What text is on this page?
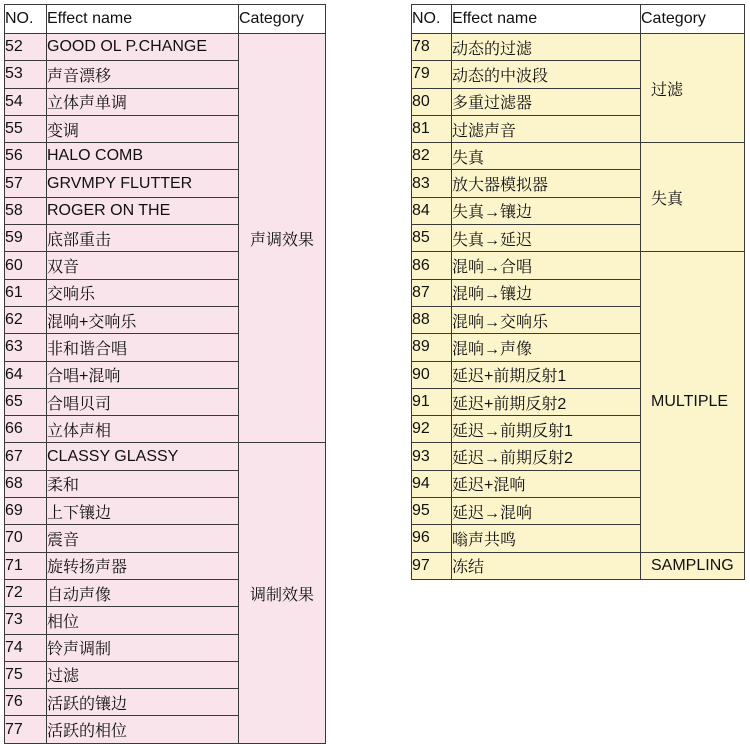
NO.	Effect name	Category
52	GOOD OL P.CHANGE	声调效果
53	声音漂移	
54	立体声单调	
55	变调	
56	HALO COMB	
57	GRVMPY FLUTTER	
58	ROGER ON THE	
59	底部重击	
60	双音	
61	交响乐	
62	混响+交响乐	
63	非和谐合唱	
64	合唱+混响	
65	合唱贝司	
66	立体声相	
67	CLASSY GLASSY	调制效果
68	柔和	
69	上下镶边	
70	震音	
71	旋转扬声器	
72	自动声像	
73	相位	
74	铃声调制	
75	过滤	
76	活跃的镶边	
77	活跃的相位	
NO.	Effect name	Category
78	动态的过滤	过滤
79	动态的中波段	
80	多重过滤器	
81	过滤声音	
82	失真	失真
83	放大器模拟器	
84	失真→镶边	
85	失真→延迟	
86	混响→合唱	MULTIPLE
87	混响→镶边	
88	混响→交响乐	
89	混响→声像	
90	延迟+前期反射1	
91	延迟+前期反射2	
92	延迟→前期反射1	
93	延迟→前期反射2	
94	延迟+混响	
95	延迟→混响	
96	嗡声共鸣	
97	冻结	SAMPLING
